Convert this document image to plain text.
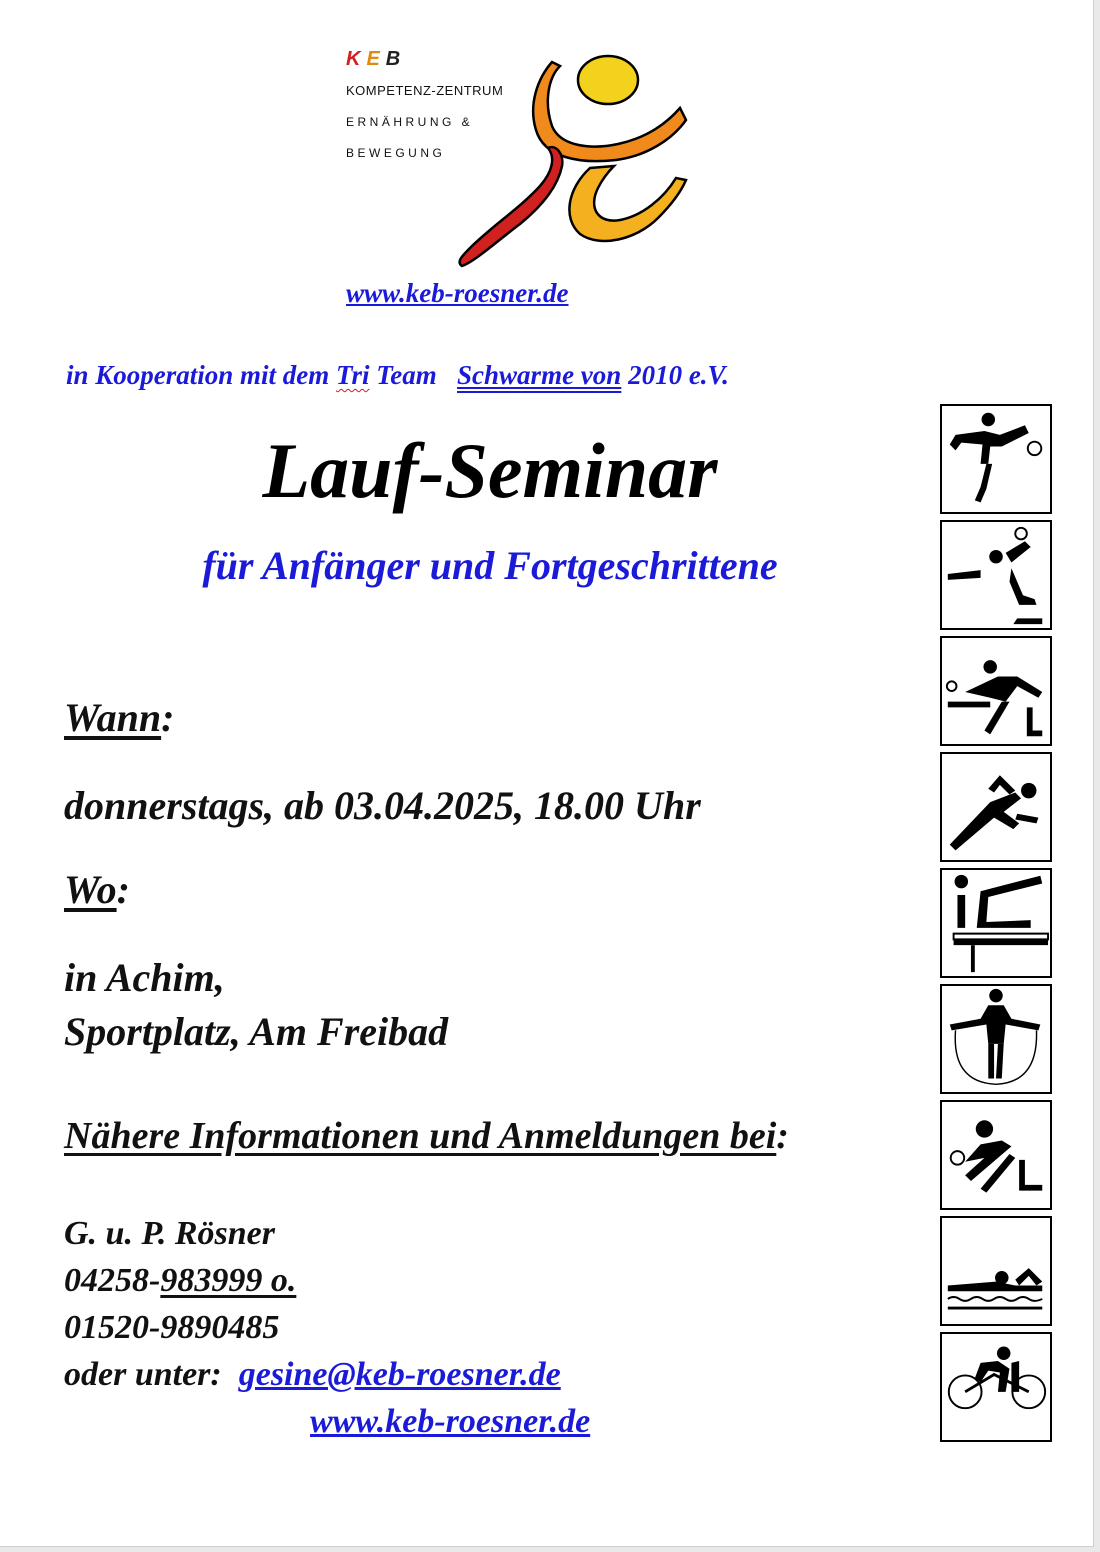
KEB
KOMPETENZ-ZENTRUM
ERNÄHRUNG &
BEWEGUNG
www.keb-roesner.de
in Kooperation mit dem Tri Team Schwarme von 2010 e.V.
Lauf-Seminar
für Anfänger und Fortgeschrittene
Wann:
donnerstags, ab 03.04.2025, 18.00 Uhr
Wo:
in Achim,
Sportplatz, Am Freibad
Nähere Informationen und Anmeldungen bei:
G. u. P. Rösner
04258-983999 o.
01520-9890485
oder unter: gesine@keb-roesner.de
www.keb-roesner.de
